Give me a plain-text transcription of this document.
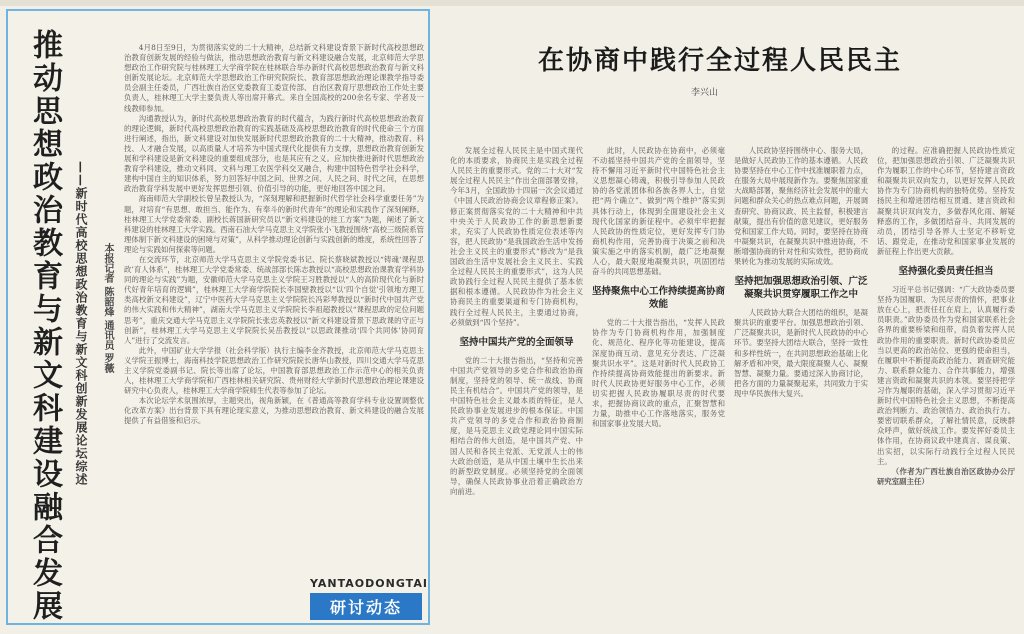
推动思想政治教育与新文科建设融合发展	——新时代高校思想政治教育与新文科创新发展论坛综述	本报记者 陈韶烽 通讯员 罗薇

4月8日至9日，为贯彻落实党的二十大精神，总结新文科建设背景下新时代高校思想政治教育创新发展的经验与做法，推动思想政治教育与新文科建设融合发展，北京师范大学思想政治工作研究院与桂林理工大学商学院在桂林联合举办新时代高校思想政治教育与新文科创新发展论坛。北京师范大学思想政治工作研究院院长、教育部思想政治理论课教学指导委员会副主任委员，广西壮族自治区党委教育工委宣传部、自治区教育厅思想政治工作处主要负责人，桂林理工大学主要负责人等出席开幕式。来自全国高校的200余名专家、学者及一线教师参加。

沟通教授认为，新时代高校思想政治教育的时代蕴含，为践行新时代高校思想政治教育的理论逻辑，新时代高校思想政治教育的实践基础及高校思想政治教育的时代使命三个方面进行阐述，指出，新文科建设对加快发展新时代思想政治教育的二十大精神，推动教育、科技、人才融合发展，以高质量人才培养为中国式现代化提供有力支撑，思想政治教育创新发展和学科建设是新文科建设的重要组成部分，也是其应有之义。应加快推进新时代思想政治教育学科建设，推动文科同、文科与理工农医学科交叉融合，构建中国特色哲学社会科学，建构中国自主的知识体系，努力回答好中国之问、世界之问、人民之问、时代之问，在思想政治教育学科发展中更好发挥思想引领、价值引导的功能，更好地回答中国之问。

海南师范大学副校长曾呈教授认为，“深刻理解和把握新时代哲学社会科学重要任务”为题，对培育“有思想、敢担当、能作为、有奉斗的新时代青年”的理论和实践作了深刻阐释。桂林理工大学党委常委、副校长蒋国新研究员以“新文科建设的桂工方案”为题，阐述了新文科建设的桂林理工大学实践。西南石油大学马克思主义学院张小飞教授围绕“高校三级院系管理体制下新文科建设的困境与对策”，从科学推动理论创新与实践创新的维度，系统性回答了理论与实践如何探索等问题。

在交流环节，北京师范大学马克思主义学院党委书记、院长蔡晓斌教授以“铸魂‘课程思政’育人体系”，桂林理工大学党委常委、统战部部长陈志教授以“高校思想政治课教育学科协同的理论与实践”为题，安徽师范大学马克思主义学院王习胜教授以“人的高阶现代化与新时代好青年培育的逻辑”，桂林理工大学商学院院长李国壁教授以“以‘四个自觉’引领地方理工类高校新文科建设”，辽宁中医药大学马克思主义学院院长冯彩琴教授以“新时代中国共产党的伟大实践和伟大精神”，湖南大学马克思主义学院院长李祖超教授以“课程思政的定位问题思考”，重庆交通大学马克思主义学院院长张忠英教授以“新文科建设背景下思政课的守正与创新”，桂林理工大学马克思主义学院院长吴岳教授以“以思政课推动‘四个共同体’协同育人”进行了交流发言。

此外，中国矿业大学学报（社会科学版）执行主编李金齐教授，北京师范大学马克思主义学院王振博士，海南科技学院思想政治工作研究院院长唐华山教授，四川交通大学马克思主义学院党委副书记、院长等出席了论坛，中国教育部思想政治工作示范中心的相关负责人，桂林理工大学商学院和广西桂林相关研究院、贵州财经大学新时代思想政治理论课建设研究中心负责人，桂林理工大学商学院师生代表等参加了论坛。

本次论坛学术氛围浓厚，主题突出，视角新颖，在《普通高等教育学科专业设置调整优化改革方案》出台背景下具有理论现实意义，为推动思想政治教育、新文科建设的融合发展提供了有益借鉴和启示。

YANTAODONGTAI
研讨动态
在协商中践行全过程人民民主
李兴山

发展全过程人民民主是中国式现代化的本质要求，协商民主是实践全过程人民民主的重要形式。党的二十大对“发展全过程人民民主”作出全面部署安排，今年3月，全国政协十四届一次会议通过《中国人民政治协商会议章程修正案》。修正案贯彻落实党的二十大精神和中共中央关于人民政协工作的新思想新要求，充实了人民政协性质定位表述等内容，把人民政协“是我国政治生活中发扬社会主义民主的重要形式”修改为“是我国政治生活中发展社会主义民主、实践全过程人民民主的重要形式”，这为人民政协践行全过程人民民主提供了基本依据和根本遵循。人民政协作为社会主义协商民主的重要渠道和专门协商机构，践行全过程人民民主，主要通过协商，必须做到“四个坚持”。

坚持中国共产党的全面领导

党的二十大报告指出，“坚持和完善中国共产党领导的多党合作和政治协商制度，坚持党的领导、统一战线、协商民主有机结合”。中国共产党的领导，是中国特色社会主义最本质的特征，是人民政协事业发展进步的根本保证。中国共产党领导的多党合作和政治协商制度，是马克思主义政党理论同中国实际相结合的伟大创造，是中国共产党、中国人民和各民主党派、无党派人士的伟大政治创造，是从中国土壤中生长出来的新型政党制度。必须坚持党的全面领导，确保人民政协事业沿着正确政治方向前进。

此时，人民政协在协商中，必须毫不动摇坚持中国共产党的全面领导，坚持不懈用习近平新时代中国特色社会主义思想凝心铸魂，积极引导参加人民政协的各党派团体和各族各界人士，自觉把“两个确立”、做到“两个维护”落实到具体行动上，体现到全面建设社会主义现代化国家的新征程中。必须牢牢把握人民政协的性质定位，更好发挥专门协商机构作用，完善协商于决策之前和决策实施之中的落实机制，最广泛地凝聚人心，最大限度地凝聚共识，巩固团结奋斗的共同思想基础。

坚持聚焦中心工作持续提高协商效能

党的二十大报告指出，“发挥人民政协作为专门协商机构作用，加强制度化、规范化、程序化等功能建设，提高深度协商互动、意见充分表达、广泛凝聚共识水平”。这是对新时代人民政协工作持续提高协商效能提出的新要求。新时代人民政协更好服务中心工作，必须切实把握人民政协履职尽责的时代要求，把握协商议政的重点，汇聚智慧和力量，助推中心工作落地落实，服务党和国家事业发展大局。

人民政协坚持围绕中心、服务大局，是做好人民政协工作的基本遵循。人民政协要坚持在中心工作中找准履职着力点，在服务大局中展现新作为。要聚焦国家重大战略部署，聚焦经济社会发展中的重大问题和群众关心的热点难点问题，开展调查研究、协商议政、民主监督，积极建言献策，提出有价值的意见建议，更好服务党和国家工作大局。同时，要坚持在协商中凝聚共识，在凝聚共识中推进协商，不断增强协商的针对性和实效性，把协商成果转化为推动发展的实际成效。

坚持把加强思想政治引领、广泛凝聚共识贯穿履职工作之中

人民政协大联合大团结的组织，是凝聚共识的重要平台。加强思想政治引领、广泛凝聚共识，是新时代人民政协的中心环节。要坚持大团结大联合，坚持一致性和多样性统一，在共同思想政治基础上化解矛盾和冲突，最大限度凝聚人心、凝聚智慧、凝聚力量。要通过深入协商讨论，把各方面的力量凝聚起来，共同致力于实现中华民族伟大复兴。

的过程。应准确把握人民政协性质定位，把加强思想政治引领、广泛凝聚共识作为履职工作的中心环节，坚持建言资政和凝聚共识双向发力，以更好发挥人民政协作为专门协商机构的独特优势。坚持发扬民主和增进团结相互贯通、建言资政和凝聚共识双向发力，多做春风化雨、解疑释惑的工作，多做团结奋斗、共同发展的动员，团结引导各界人士坚定不移听党话、跟党走，在推动党和国家事业发展的新征程上作出更大贡献。

坚持强化委员责任担当

习近平总书记强调：“广大政协委员要坚持为国履职、为民尽责的情怀，把事业放在心上，把责任扛在肩上，认真履行委员职责。”政协委员作为党和国家联系社会各界的重要桥梁和纽带，肩负着发挥人民政协作用的重要职责。新时代政协委员应当以更高的政治站位、更强的使命担当，在履职中不断提高政治能力、调查研究能力、联系群众能力、合作共事能力，增强建言资政和凝聚共识的本领。要坚持把学习作为履职的基础，深入学习贯彻习近平新时代中国特色社会主义思想，不断提高政治判断力、政治领悟力、政治执行力。要密切联系群众，了解社情民意，反映群众呼声，做好统战工作。要发挥好委员主体作用，在协商议政中建真言、谋良策、出实招，以实际行动践行全过程人民民主。

（作者为广西壮族自治区政协办公厅研究室副主任）
